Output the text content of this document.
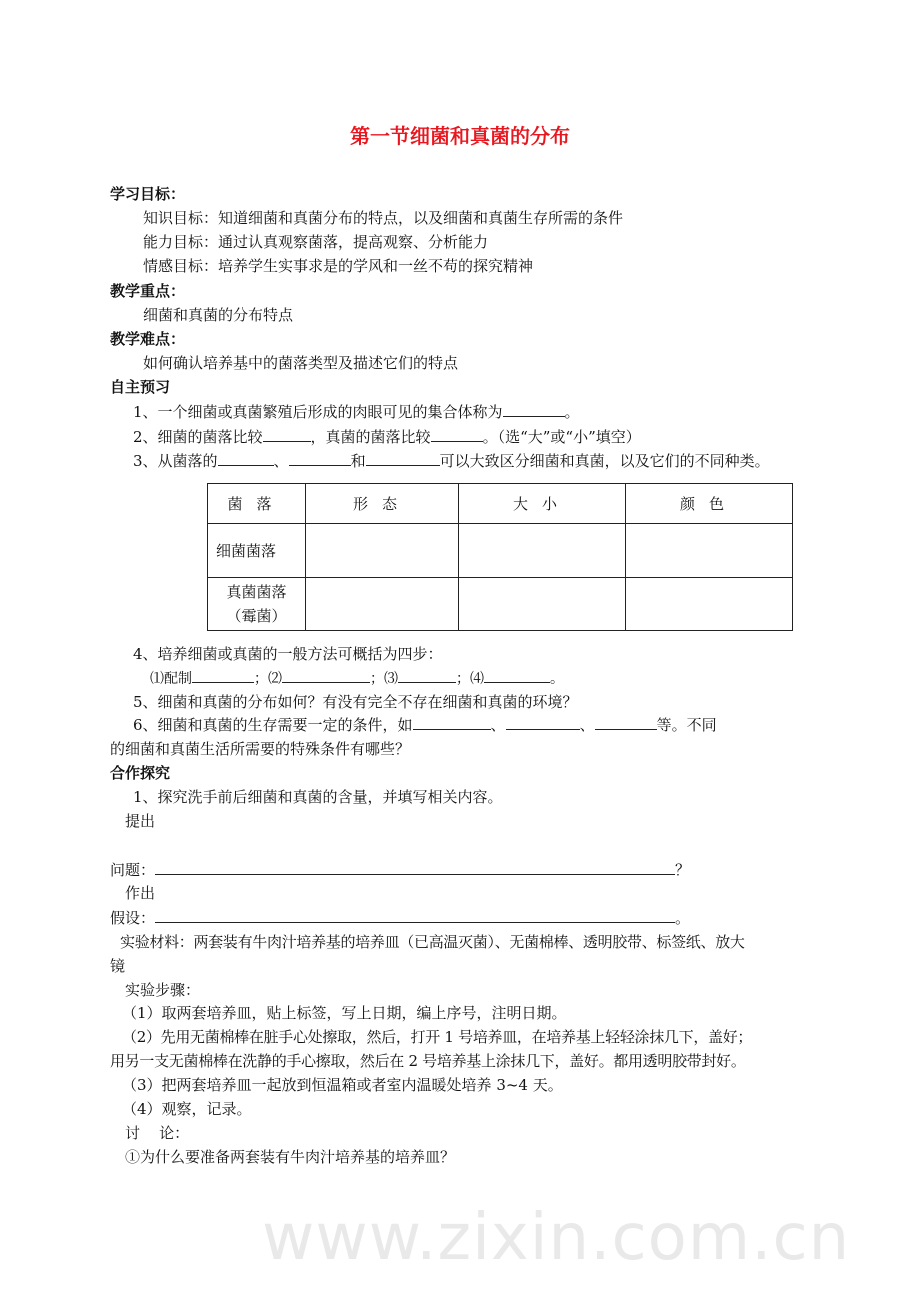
www.zixin.com.cn
第一节细菌和真菌的分布
学习目标：
知识目标：知道细菌和真菌分布的特点，以及细菌和真菌生存所需的条件
能力目标：通过认真观察菌落，提高观察、分析能力
情感目标：培养学生实事求是的学风和一丝不苟的探究精神
教学重点：
细菌和真菌的分布特点
教学难点：
如何确认培养基中的菌落类型及描述它们的特点
自主预习
1、一个细菌或真菌繁殖后形成的肉眼可见的集合体称为	。
2、细菌的菌落比较	，真菌的菌落比较	。（选“大”或“小”填空）
3、从菌落的	、	和	可以大致区分细菌和真菌，以及它们的不同种类。
菌落	形态	大小	颜色
细菌菌落			
真菌菌落
（霉菌）			
4、培养细菌或真菌的一般方法可概括为四步：
⑴配制	；⑵	；⑶	；⑷	。
5、细菌和真菌的分布如何？有没有完全不存在细菌和真菌的环境？
6、细菌和真菌的生存需要一定的条件，如	、	、	等。不同
的细菌和真菌生活所需要的特殊条件有哪些？
合作探究
1、探究洗手前后细菌和真菌的含量，并填写相关内容。
提出
问题：	？
作出
假设：	。
实验材料：两套装有牛肉汁培养基的培养皿（已高温灭菌）、无菌棉棒、透明胶带、标签纸、放大
镜
实验步骤：
（1）取两套培养皿，贴上标签，写上日期，编上序号，注明日期。
（2）先用无菌棉棒在脏手心处擦取，然后，打开 1 号培养皿，在培养基上轻轻涂抹几下，盖好；
用另一支无菌棉棒在洗静的手心擦取，然后在 2 号培养基上涂抹几下，盖好。都用透明胶带封好。
（3）把两套培养皿一起放到恒温箱或者室内温暖处培养 3~4 天。
（4）观察，记录。
讨    论：
①为什么要准备两套装有牛肉汁培养基的培养皿？
